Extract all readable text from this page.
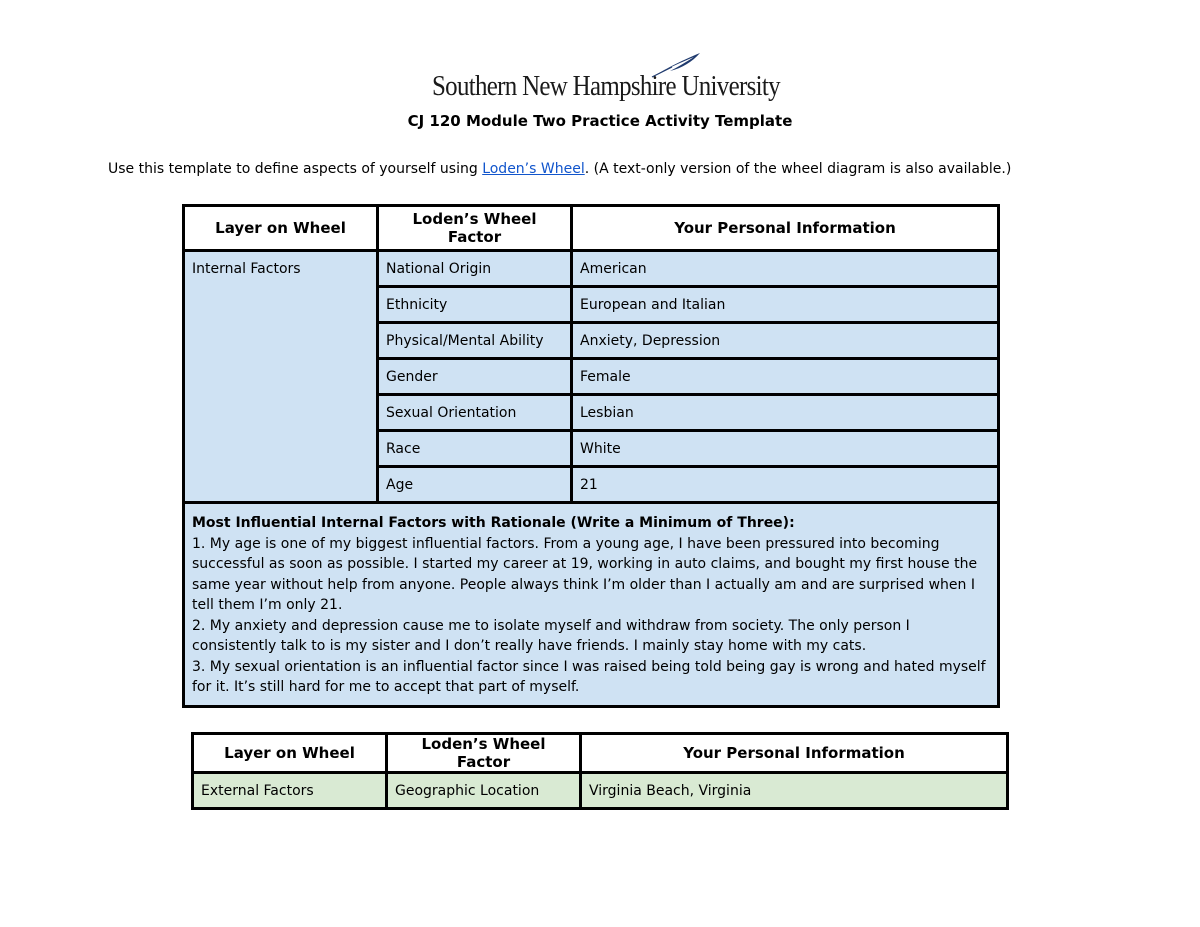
Southern New Hampshire University
CJ 120 Module Two Practice Activity Template
Use this template to define aspects of yourself using Loden’s Wheel. (A text-only version of the wheel diagram is also available.)
Layer on Wheel	Loden’s Wheel Factor	Your Personal Information
Internal Factors	National Origin	American
	Ethnicity	European and Italian
	Physical/Mental Ability	Anxiety, Depression
	Gender	Female
	Sexual Orientation	Lesbian
	Race	White
	Age	21

Most Influential Internal Factors with Rationale (Write a Minimum of Three):
1. My age is one of my biggest influential factors. From a young age, I have been pressured into becoming successful as soon as possible. I started my career at 19, working in auto claims, and bought my first house the same year without help from anyone. People always think I’m older than I actually am and are surprised when I tell them I’m only 21.
2. My anxiety and depression cause me to isolate myself and withdraw from society. The only person I consistently talk to is my sister and I don’t really have friends. I mainly stay home with my cats.
3. My sexual orientation is an influential factor since I was raised being told being gay is wrong and hated myself for it. It’s still hard for me to accept that part of myself.		
Layer on Wheel	Loden’s Wheel Factor	Your Personal Information
External Factors	Geographic Location	Virginia Beach, Virginia
